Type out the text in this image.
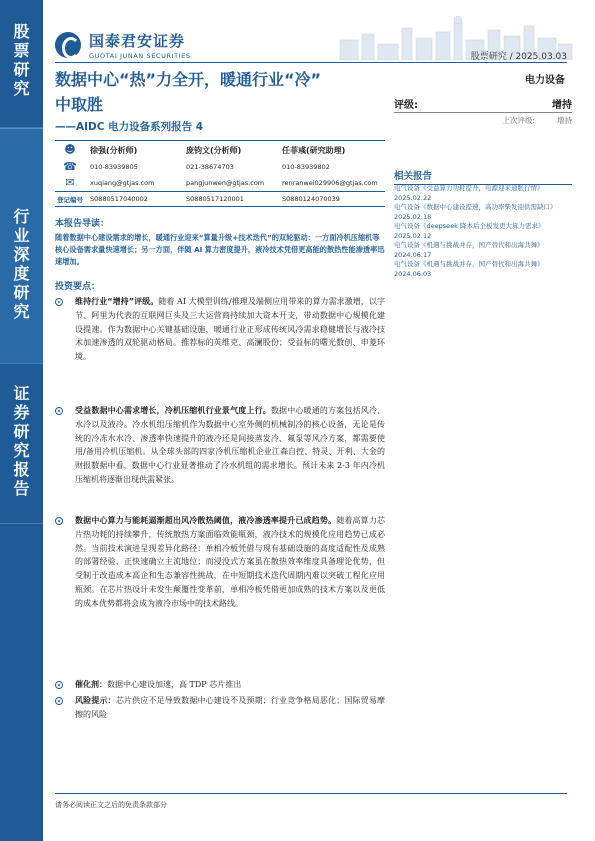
股
票
研
究
行
业
深
度
研
究
证
券
研
究
报
告
国泰君安证券
GUOTAI JUNAN SECURITIES	股票研究 / 2025.03.03
数据中心“热”力全开，暖通行业“冷”
中取胜
——AIDC 电力设备系列报告 4
电力设备
评级:	增持
上次评级:	增持
☻ 徐强(分析师)	庞钧文(分析师)	任菲彧(研究助理)
☎ 010-83939805	021-38674703	010-83939802
✉	xuqiang@gtjas.com	pangjunwen@gtjas.com	renranwei029906@gtjas.com
登记编号 S0880517040002	S0880517120001	S0880124070039
本报告导读：
随着数据中心建设需求的增长，暖通行业迎来“算量升级+技术迭代”的双轮驱动：一方面冷机压缩机等核心设备需求量快速增长；另一方面，伴随 AI 算力密度提升，液冷技术凭借更高能的散热性能渗透率迅速增加。
投资要点：
维持行业“增持”评级。随着 AI 大模型训练/推理及端侧应用带来的算力需求激增，以字节、阿里为代表的互联网巨头及三大运营商持续加大资本开支，带动数据中心规模化建设提速。作为数据中心关键基础设施，暖通行业正形成传统风冷需求稳健增长与液冷技术加速渗透的双轮驱动格局。推荐标的英维克、高澜股份；受益标的曙光数创、申菱环境。
受益数据中心需求增长，冷机压缩机行业景气度上行。数据中心暖通的方案包括风冷、水冷以及液冷。冷水机组压缩机作为数据中心室外侧的机械制冷的核心设备，无论是传统的冷冻水水冷、渗透率快速提升的液冷还是间接蒸发冷、氟泵等风冷方案，都需要使用/备用冷机压缩机。从全球头部的四家冷机压缩机企业江森自控、特灵、开利、大金的财报数据中看，数据中心行业显著推动了冷水机组的需求增长。预计未来 2-3 年内冷机压缩机将逐渐出现供需紧张。
数据中心算力与能耗逼渐超出风冷散热阈值，液冷渗透率提升已成趋势。随着高算力芯片热功耗的持续攀升，传统散热方案面临效能瓶颈，液冷技术的规模化应用趋势已成必然。当前技术演进呈现差异化路径：单相冷板凭借与现有基础设施的高度适配性及成熟的部署经验，正快速确立主流地位；而浸没式方案虽在散热效率维度具备理论优势，但受制于改造成本高企和生态兼容性挑战，在中短期技术迭代周期内难以突破工程化应用瓶颈。在芯片热设计未发生颠覆性变革前，单相冷板凭借更加成熟的技术方案以及更低的成本优势都将会成为液冷市场中的技术路线。
催化剂：数据中心建设加速，高 TDP 芯片推出
风险提示：芯片供应不足导致数据中心建设不及预期；行业竞争格局恶化；国际贸易摩擦的风险
相关报告
电气设备《受益算力功耗提升，电源迎来通胀行情》2025.02.22
电气设备《数据中心建设提速，高功率柴发迎供需缺口》2025.02.18
电气设备《deepseek 降本后全板发更大算力需求》2025.02.12
电气设备《机遇与挑战并存，国产替代和出海共舞》2024.06.17
电气设备《机遇与挑战并存，国产替代和出海共舞》2024.06.03
请务必阅读正文之后的免责条款部分
